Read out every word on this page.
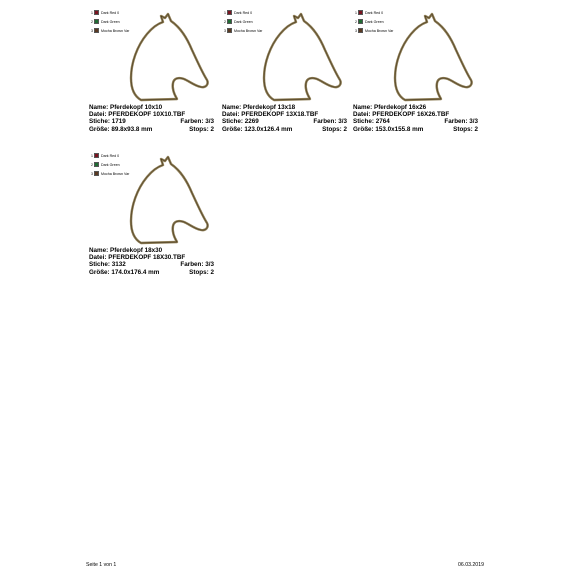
1 Dark Red 0
2 Dark Green
3 Mocha Brown Var
Name: Pferdekopf 10x10
Datei: PFERDEKOPF 10X10.TBF
Stiche: 1719	Farben: 3/3
Größe: 89.8x93.8 mm	Stops: 2
1 Dark Red 0
2 Dark Green
3 Mocha Brown Var
Name: Pferdekopf 13x18
Datei: PFERDEKOPF 13X18.TBF
Stiche: 2269	Farben: 3/3
Größe: 123.0x126.4 mm	Stops: 2
1 Dark Red 0
2 Dark Green
3 Mocha Brown Var
Name: Pferdekopf 16x26
Datei: PFERDEKOPF 16X26.TBF
Stiche: 2764	Farben: 3/3
Größe: 153.0x155.8 mm	Stops: 2
1 Dark Red 0
2 Dark Green
3 Mocha Brown Var
Name: Pferdekopf 18x30
Datei: PFERDEKOPF 18X30.TBF
Stiche: 3132	Farben: 3/3
Größe: 174.0x176.4 mm	Stops: 2
Seite 1 von 1	06.03.2019
